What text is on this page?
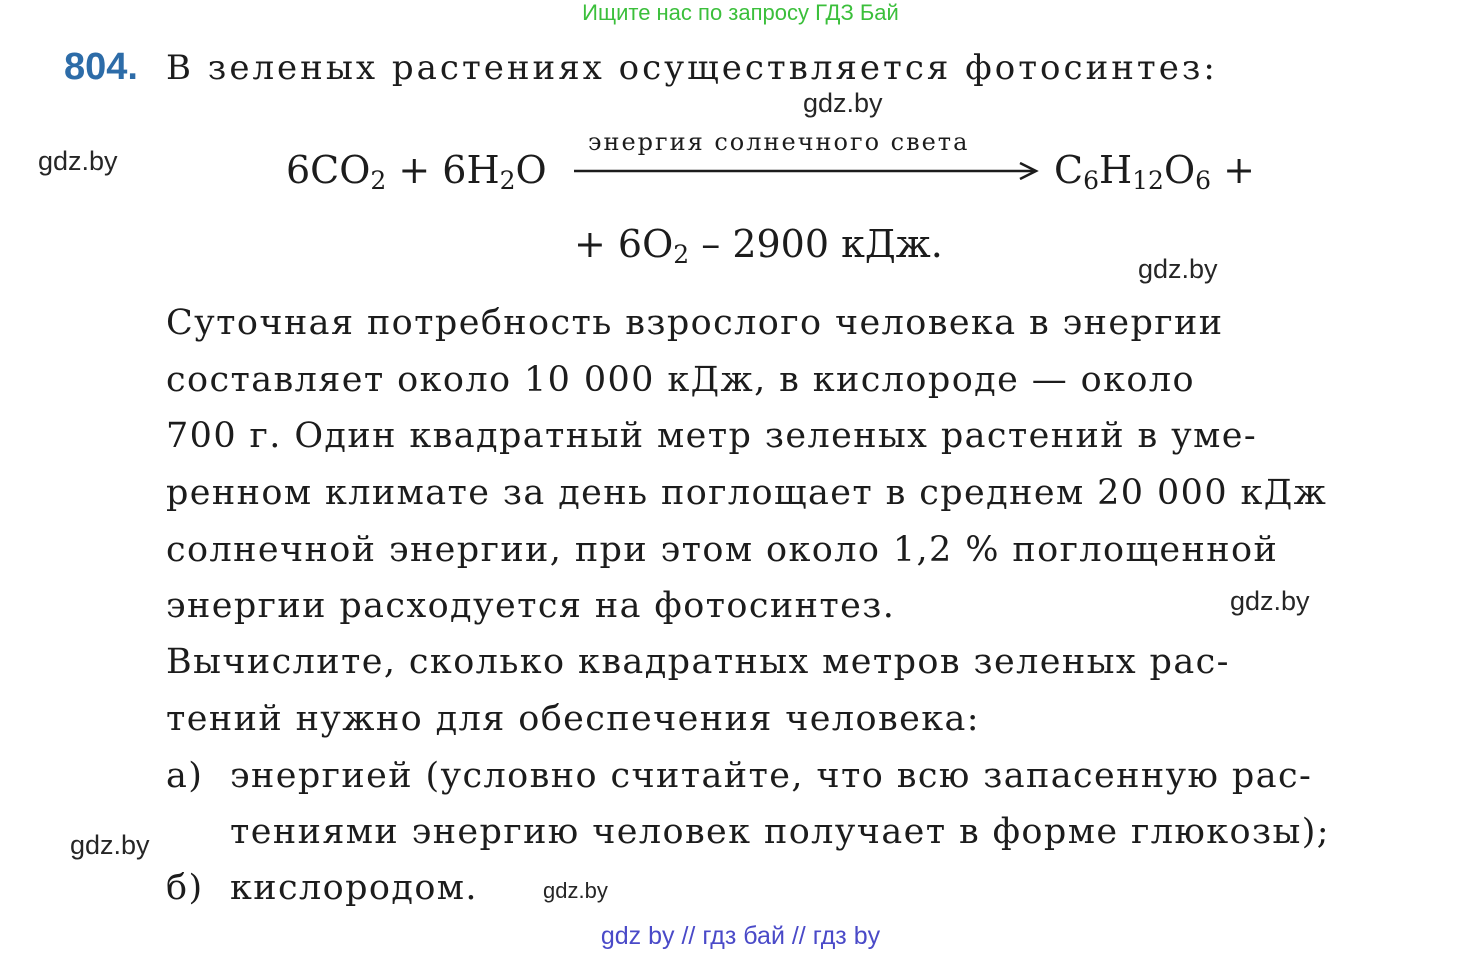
Ищите нас по запросу ГДЗ Бай
804. В зеленых растениях осуществляется фотосинтез:
gdz.by
gdz.by	$6CO_2 + 6H_2O$
энергия солнечного света
$C_6H_{12}O_6$ +
+ $6O_2 - 2900$ кДж.
gdz.by
Суточная потребность взрослого человека в энергии
составляет около 10 000 кДж, в кислороде — около
700 г. Один квадратный метр зеленых растений в уме-
ренном климате за день поглощает в среднем 20 000 кДж
солнечной энергии, при этом около 1,2 % поглощенной
энергии расходуется на фотосинтез.	gdz.by
Вычислите, сколько квадратных метров зеленых рас-
тений нужно для обеспечения человека:
а) энергией (условно считайте, что всю запасенную рас-
тениями энергию человек получает в форме глюкозы);
gdz.by
б) кислородом.	gdz.by
gdz by // гдз бай // гдз by
